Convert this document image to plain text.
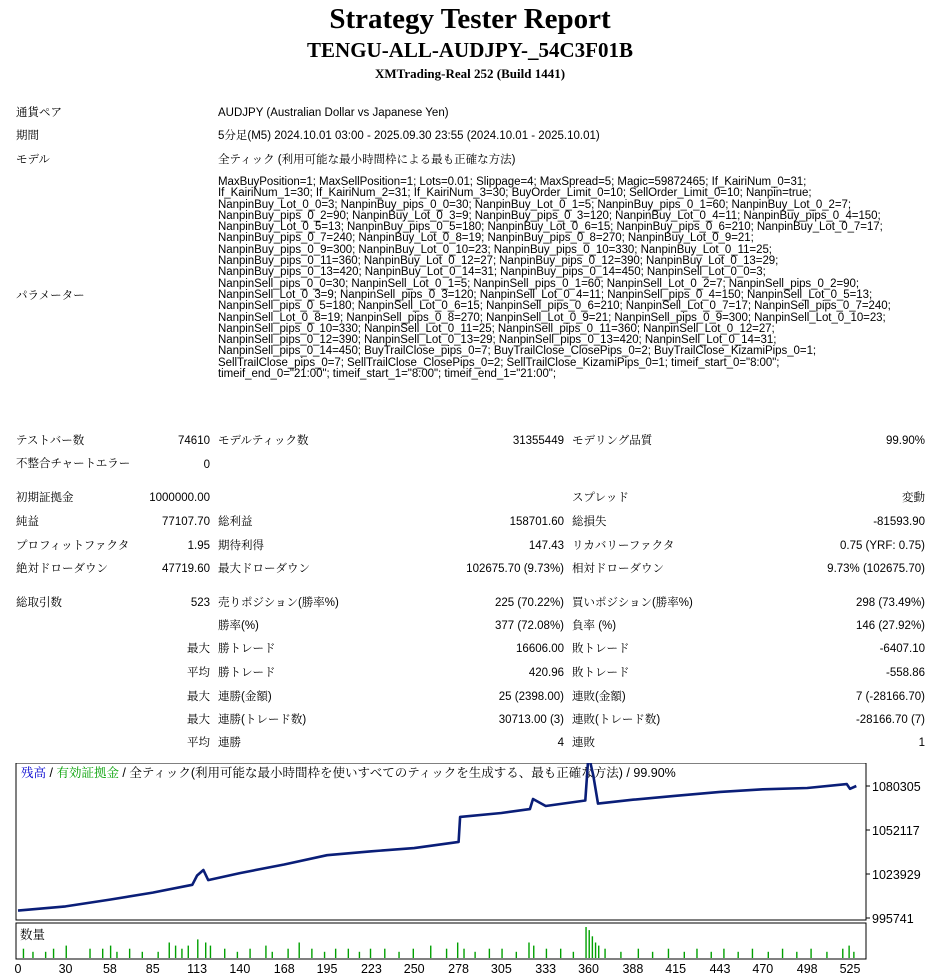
Strategy Tester Report
TENGU-ALL-AUDJPY-_54C3F01B
XMTrading-Real 252 (Build 1441)
通貨ペア	AUDJPY (Australian Dollar vs Japanese Yen)
期間	5分足(M5) 2024.10.01 03:00 - 2025.09.30 23:55 (2024.10.01 - 2025.10.01)
モデル	全ティック (利用可能な最小時間枠による最も正確な方法)
パラメーター
MaxBuyPosition=1; MaxSellPosition=1; Lots=0.01; Slippage=4; MaxSpread=5; Magic=59872465; If_KairiNum_0=31;
If_KairiNum_1=30; If_KairiNum_2=31; If_KairiNum_3=30; BuyOrder_Limit_0=10; SellOrder_Limit_0=10; Nanpin=true;
NanpinBuy_Lot_0_0=3; NanpinBuy_pips_0_0=30; NanpinBuy_Lot_0_1=5; NanpinBuy_pips_0_1=60; NanpinBuy_Lot_0_2=7;
NanpinBuy_pips_0_2=90; NanpinBuy_Lot_0_3=9; NanpinBuy_pips_0_3=120; NanpinBuy_Lot_0_4=11; NanpinBuy_pips_0_4=150;
NanpinBuy_Lot_0_5=13; NanpinBuy_pips_0_5=180; NanpinBuy_Lot_0_6=15; NanpinBuy_pips_0_6=210; NanpinBuy_Lot_0_7=17;
NanpinBuy_pips_0_7=240; NanpinBuy_Lot_0_8=19; NanpinBuy_pips_0_8=270; NanpinBuy_Lot_0_9=21;
NanpinBuy_pips_0_9=300; NanpinBuy_Lot_0_10=23; NanpinBuy_pips_0_10=330; NanpinBuy_Lot_0_11=25;
NanpinBuy_pips_0_11=360; NanpinBuy_Lot_0_12=27; NanpinBuy_pips_0_12=390; NanpinBuy_Lot_0_13=29;
NanpinBuy_pips_0_13=420; NanpinBuy_Lot_0_14=31; NanpinBuy_pips_0_14=450; NanpinSell_Lot_0_0=3;
NanpinSell_pips_0_0=30; NanpinSell_Lot_0_1=5; NanpinSell_pips_0_1=60; NanpinSell_Lot_0_2=7; NanpinSell_pips_0_2=90;
NanpinSell_Lot_0_3=9; NanpinSell_pips_0_3=120; NanpinSell_Lot_0_4=11; NanpinSell_pips_0_4=150; NanpinSell_Lot_0_5=13;
NanpinSell_pips_0_5=180; NanpinSell_Lot_0_6=15; NanpinSell_pips_0_6=210; NanpinSell_Lot_0_7=17; NanpinSell_pips_0_7=240;
NanpinSell_Lot_0_8=19; NanpinSell_pips_0_8=270; NanpinSell_Lot_0_9=21; NanpinSell_pips_0_9=300; NanpinSell_Lot_0_10=23;
NanpinSell_pips_0_10=330; NanpinSell_Lot_0_11=25; NanpinSell_pips_0_11=360; NanpinSell_Lot_0_12=27;
NanpinSell_pips_0_12=390; NanpinSell_Lot_0_13=29; NanpinSell_pips_0_13=420; NanpinSell_Lot_0_14=31;
NanpinSell_pips_0_14=450; BuyTrailClose_pips_0=7; BuyTrailClose_ClosePips_0=2; BuyTrailClose_KizamiPips_0=1;
SellTrailClose_pips_0=7; SellTrailClose_ClosePips_0=2; SellTrailClose_KizamiPips_0=1; timeif_start_0="8:00";
timeif_end_0="21:00"; timeif_start_1="8:00"; timeif_end_1="21:00";
テストバー数	74610 モデルティック数	31355449 モデリング品質	99.90%
不整合チャートエラー	0
初期証拠金	1000000.00	スプレッド	変動
純益	77107.70 総利益	158701.60 総損失	-81593.90
プロフィットファクタ	1.95 期待利得	147.43 リカバリーファクタ	0.75 (YRF: 0.75)
絶対ドローダウン	47719.60 最大ドローダウン	102675.70 (9.73%) 相対ドローダウン	9.73% (102675.70)
総取引数	523 売りポジション(勝率%)	225 (70.22%) 買いポジション(勝率%)	298 (73.49%)
勝率(%)	377 (72.08%) 負率 (%)	146 (27.92%)
最大 勝トレード	16606.00 敗トレード	-6407.10
平均 勝トレード	420.96 敗トレード	-558.86
最大 連勝(金額)	25 (2398.00) 連敗(金額)	7 (-28166.70)
最大 連勝(トレード数)	30713.00 (3) 連敗(トレード数)	-28166.70 (7)
平均 連勝	4 連敗	1
残高 / 有効証拠金 / 全ティック(利用可能な最小時間枠を使いすべてのティックを生成する、最も正確な方法) / 99.90%
数量
1080305
1052117
1023929
995741
0	30 58 85 113 140 168 195 223 250 278 305 333 360 388 415 443 470 498 525
